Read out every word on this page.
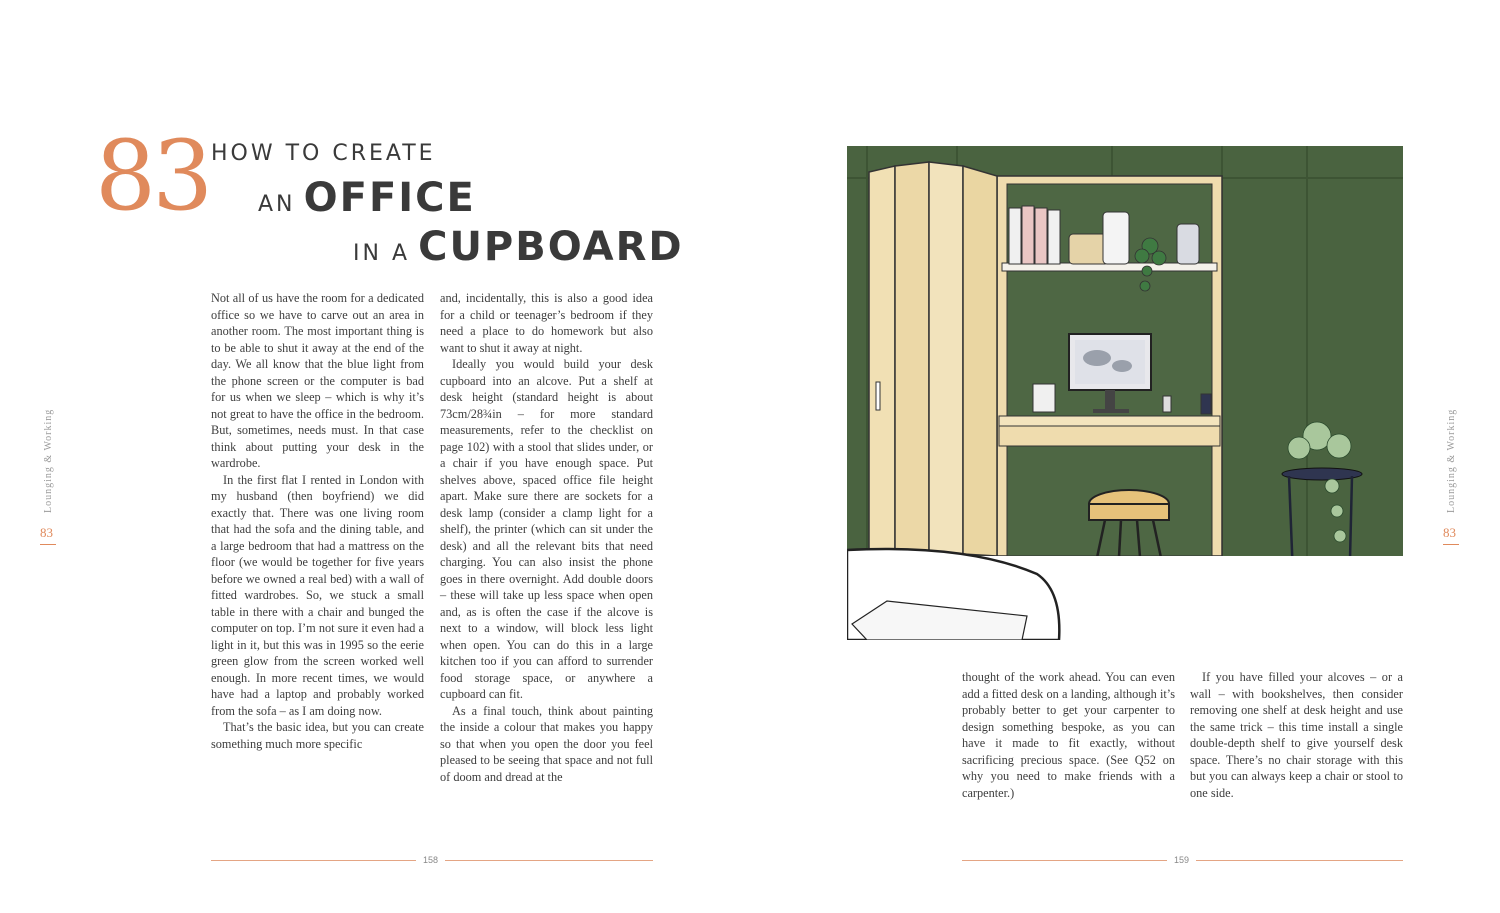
Lounging & Working
83
Lounging & Working
83
83 HOW TO CREATE
AN OFFICE
IN A CUPBOARD

Not all of us have the room for a dedicated office so we have to carve out an area in another room. The most important thing is to be able to shut it away at the end of the day. We all know that the blue light from the phone screen or the computer is bad for us when we sleep – which is why it’s not great to have the office in the bedroom. But, sometimes, needs must. In that case think about putting your desk in the wardrobe.

In the first flat I rented in London with my husband (then boyfriend) we did exactly that. There was one living room that had the sofa and the dining table, and a large bedroom that had a mattress on the floor (we would be together for five years before we owned a real bed) with a wall of fitted wardrobes. So, we stuck a small table in there with a chair and bunged the computer on top. I’m not sure it even had a light in it, but this was in 1995 so the eerie green glow from the screen worked well enough. In more recent times, we would have had a laptop and probably worked from the sofa – as I am doing now.

That’s the basic idea, but you can create something much more specific

and, incidentally, this is also a good idea for a child or teenager’s bedroom if they need a place to do homework but also want to shut it away at night.

Ideally you would build your desk cupboard into an alcove. Put a shelf at desk height (standard height is about 73cm/28¾in – for more standard measurements, refer to the checklist on page 102) with a stool that slides under, or a chair if you have enough space. Put shelves above, spaced office file height apart. Make sure there are sockets for a desk lamp (consider a clamp light for a shelf), the printer (which can sit under the desk) and all the relevant bits that need charging. You can also insist the phone goes in there overnight. Add double doors – these will take up less space when open and, as is often the case if the alcove is next to a window, will block less light when open. You can do this in a large kitchen too if you can afford to surrender food storage space, or anywhere a cupboard can fit.

As a final touch, think about painting the inside a colour that makes you happy so that when you open the door you feel pleased to be seeing that space and not full of doom and dread at the

thought of the work ahead. You can even add a fitted desk on a landing, although it’s probably better to get your carpenter to design something bespoke, as you can have it made to fit exactly, without sacrificing precious space. (See Q52 on why you need to make friends with a carpenter.)

If you have filled your alcoves – or a wall – with bookshelves, then consider removing one shelf at desk height and use the same trick – this time install a single double-depth shelf to give yourself desk space. There’s no chair storage with this but you can always keep a chair or stool to one side.

158	159
